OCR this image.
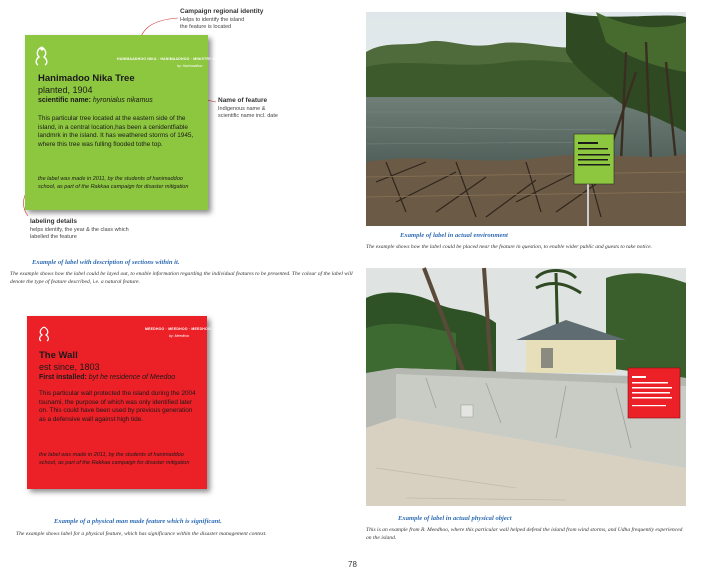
Campaign regional identity
Helps to identify the island
the feature is located
Name of feature
Indigenous name &
scientific name incl. date
labeling details
helps identify, the year & the class which
labelled the feature
HANIMAADHOO NIKA · HANIMAADHOO · MINISTRY OF ENV
by: Hanimadhoo
Hanimadoo Nika Tree
planted, 1904
scientific name: hyronialus nikamus
This particular tree located at the eastern side of the island, in a central location,has been a cenidentfiable landmrk in the island. It has weathered storms of 1945, where this tree was fulling flooded tothe top.
the label was made in 2011, by the students of hanimaddoo school, as part of the Rakkaa campaign for disaster mitigation
Example of label with description of sections within it.
The example shows how the label could be layed out, to enable information regarding the individual features to be presented. The colour of the label will denote the type of feature described, i.e. a natural feature.
MEEDHOO · MEEDHOO · MEEDHOO
by: Meedhoo
The Wall
est since, 1803
First installed: byt he residence of Meedoo
This particular wall protected the island during the 2004 tsunami, the purpose of which was only identified later on. This could have been used by previous generation as a defensive wall against high tide.
the label was made in 2011, by the students of hanimaddoo school, as part of the Rakkaa campaign for disaster mitigation
Example of a physical man made feature which is significant.
The example shows label for a physical feature, which has significance within the disaster management context.
Example of label in actual environment
The example shows how the label could be placed near the feature in question, to enable wider public and guests to take notice.
Example of label in actual physical object
This is an example from R. Meedhoo, where this particular wall helped defend the island from wind storms, and Udha frequently experienced on the island.
78
